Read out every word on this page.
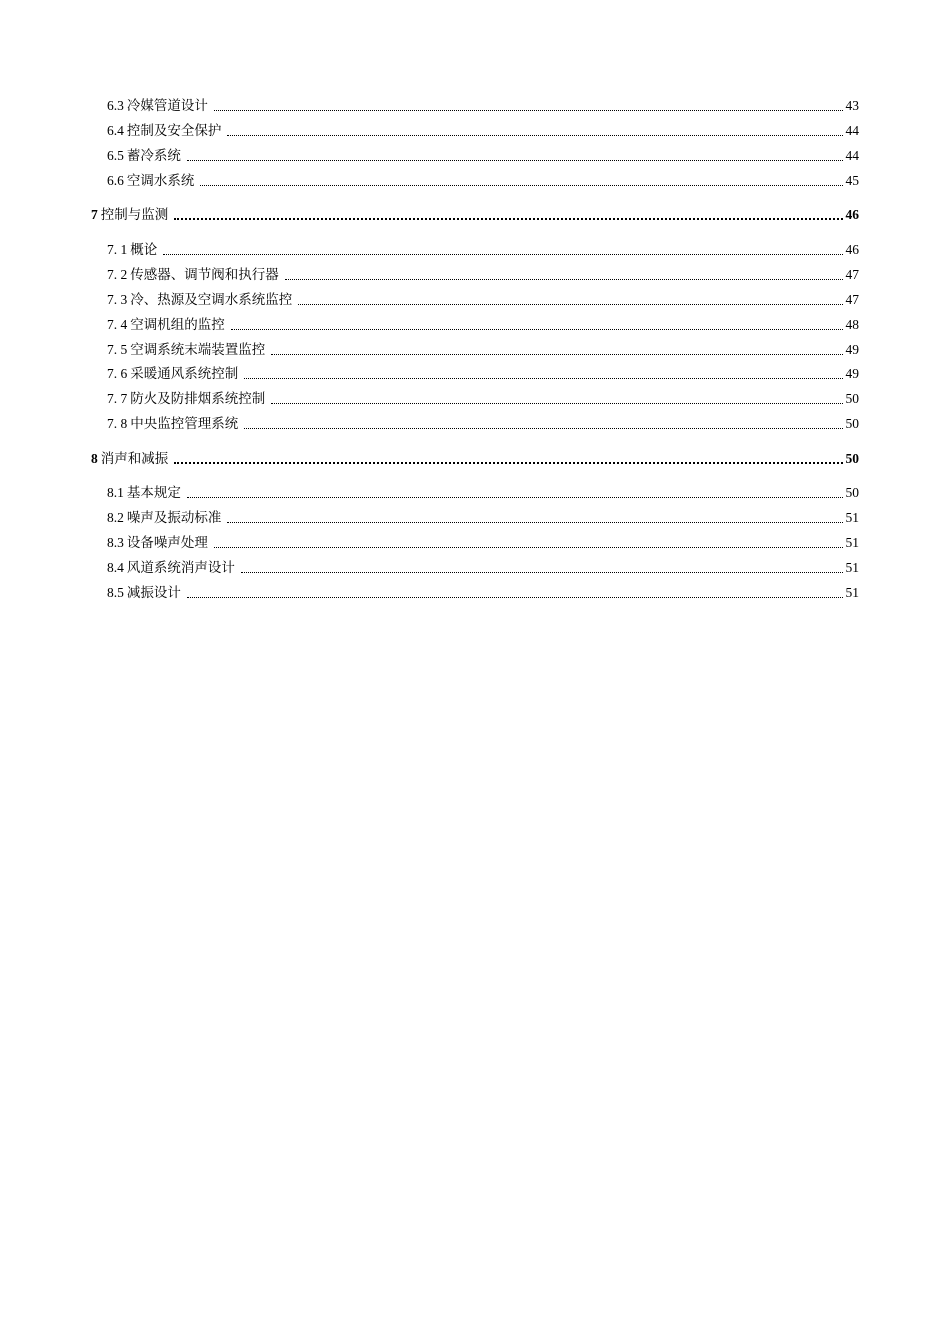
6.3 冷媒管道设计	43
6.4 控制及安全保护	44
6.5 蓄冷系统	44
6.6 空调水系统	45
7 控制与监测	46
7. 1 概论	46
7. 2 传感器、调节阀和执行器	47
7. 3 冷、热源及空调水系统监控	47
7. 4 空调机组的监控	48
7. 5 空调系统末端装置监控	49
7. 6 采暖通风系统控制	49
7. 7 防火及防排烟系统控制	50
7. 8 中央监控管理系统	50
8 消声和减振	50
8.1 基本规定	50
8.2 噪声及振动标准	51
8.3 设备噪声处理	51
8.4 风道系统消声设计	51
8.5 减振设计	51
